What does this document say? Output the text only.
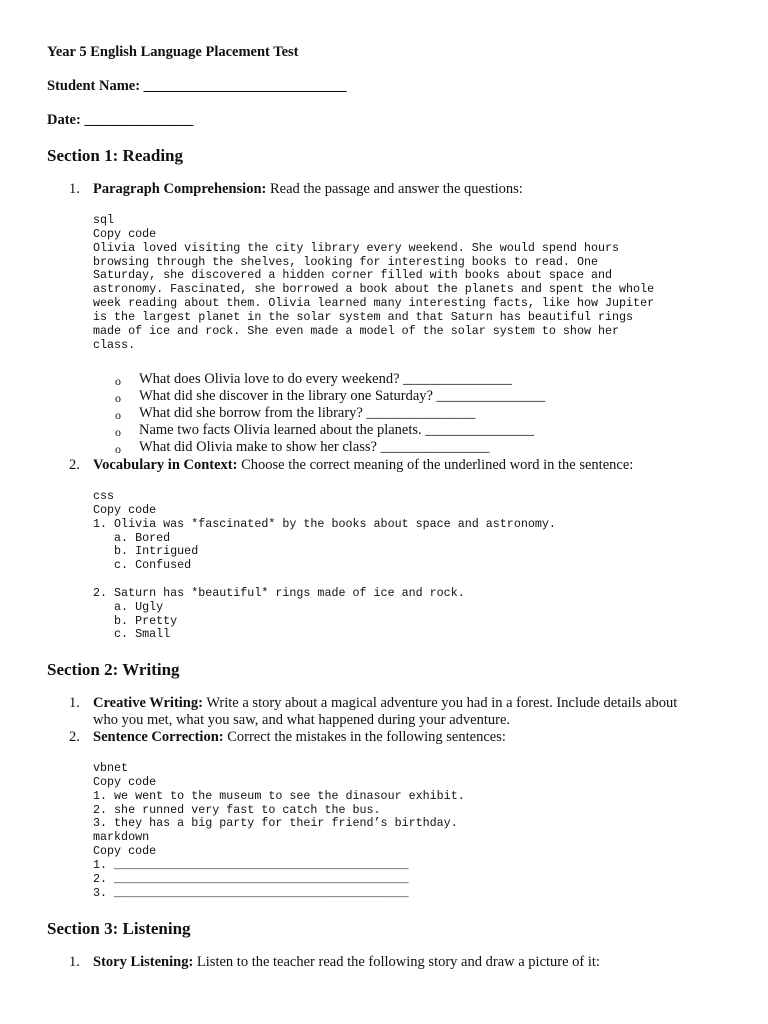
Year 5 English Language Placement Test
Student Name: ____________________________
Date: _______________
Section 1: Reading
1. Paragraph Comprehension: Read the passage and answer the questions:
sql
Copy code
Olivia loved visiting the city library every weekend. She would spend hours
browsing through the shelves, looking for interesting books to read. One
Saturday, she discovered a hidden corner filled with books about space and
astronomy. Fascinated, she borrowed a book about the planets and spent the whole
week reading about them. Olivia learned many interesting facts, like how Jupiter
is the largest planet in the solar system and that Saturn has beautiful rings
made of ice and rock. She even made a model of the solar system to show her
class.
o What does Olivia love to do every weekend? _______________
o What did she discover in the library one Saturday? _______________
o What did she borrow from the library? _______________
o Name two facts Olivia learned about the planets. _______________
o What did Olivia make to show her class? _______________
2. Vocabulary in Context: Choose the correct meaning of the underlined word in the sentence:
css
Copy code
1. Olivia was *fascinated* by the books about space and astronomy.
a. Bored
b. Intrigued
c. Confused

2. Saturn has *beautiful* rings made of ice and rock.
a. Ugly
b. Pretty
c. Small
Section 2: Writing
1. Creative Writing: Write a story about a magical adventure you had in a forest. Include details about
who you met, what you saw, and what happened during your adventure.
2. Sentence Correction: Correct the mistakes in the following sentences:
vbnet
Copy code
1. we went to the museum to see the dinasour exhibit.
2. she runned very fast to catch the bus.
3. they has a big party for their friend’s birthday.
markdown
Copy code
1. __________________________________________
2. __________________________________________
3. __________________________________________
Section 3: Listening
1. Story Listening: Listen to the teacher read the following story and draw a picture of it:
